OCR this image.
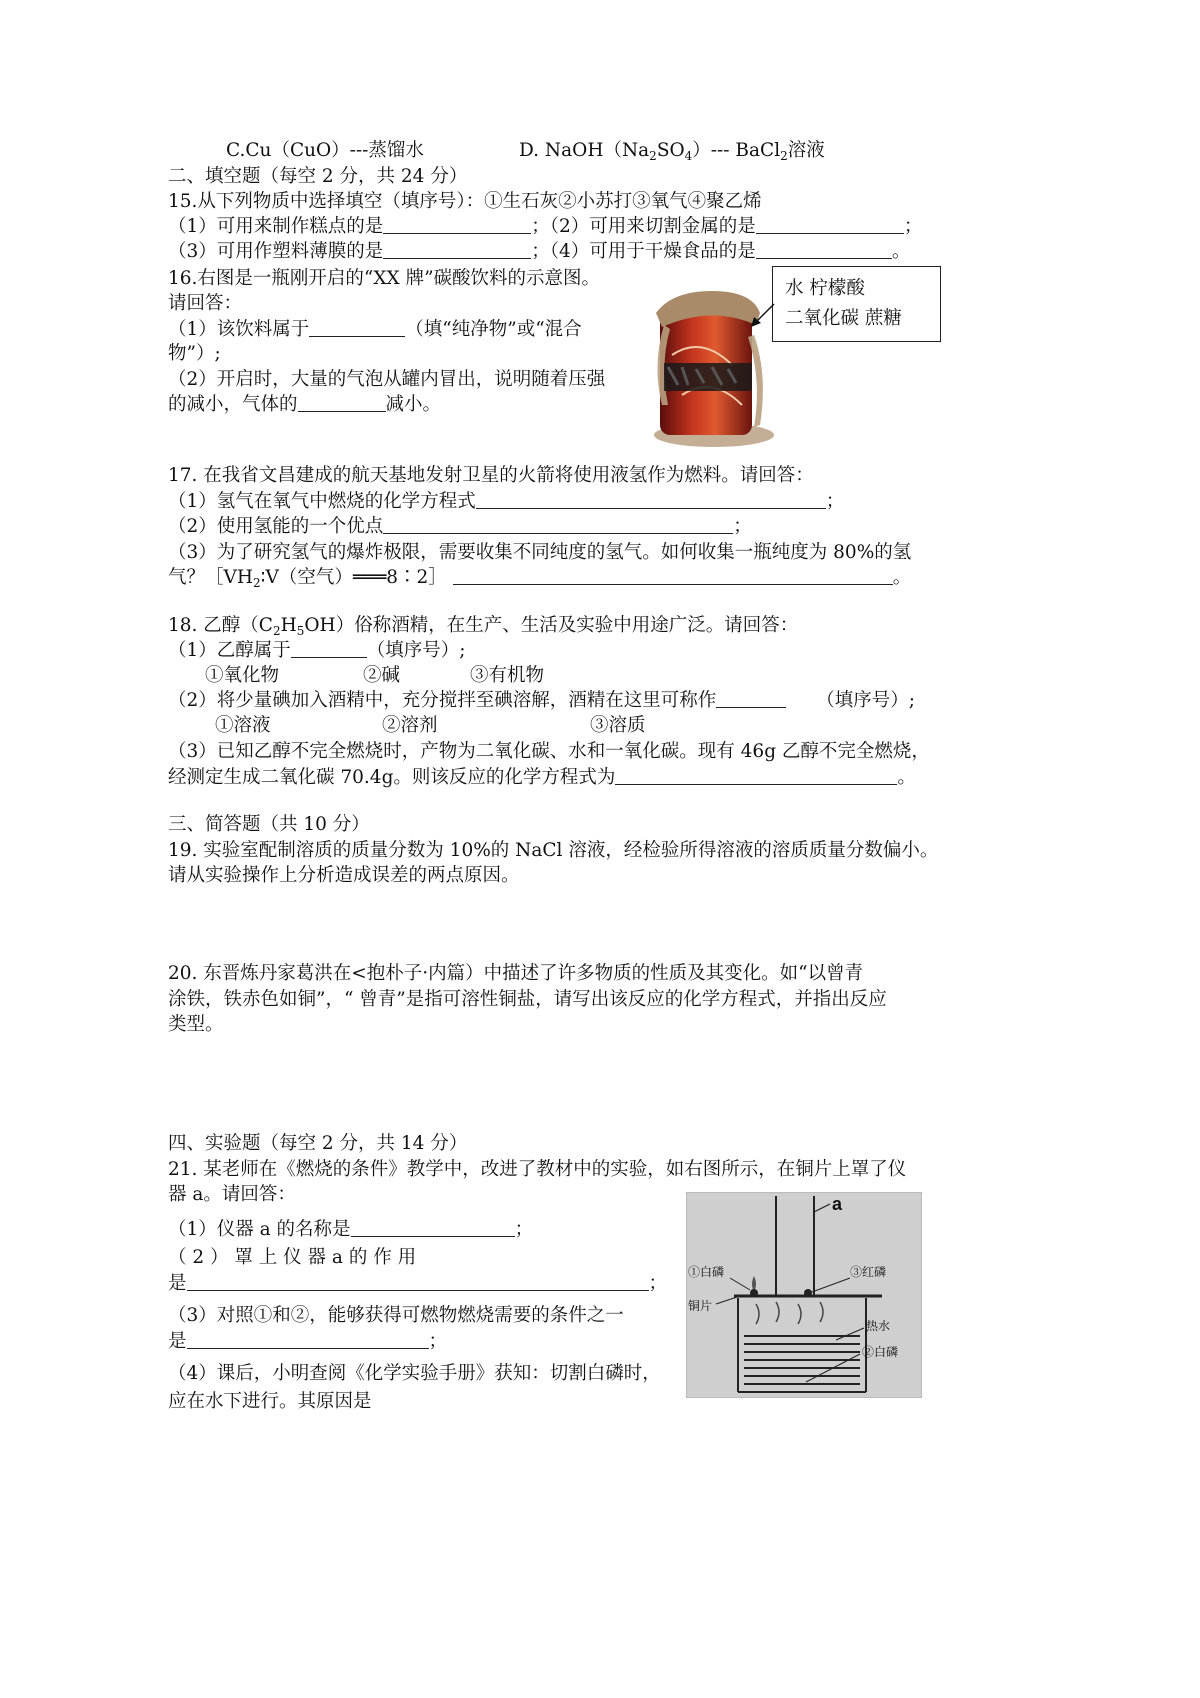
C.Cu（CuO）---蒸馏水	D. $NaOH(Na_2SO_4)---$ BaCl$_2$溶液
二、填空题（每空 2 分，共 24 分）
15.从下列物质中选择填空（填序号）：①生石灰②小苏打③氧气④聚乙烯
（1）可用来制作糕点的是	；（2）可用来切割金属的是	；
（3）可用作塑料薄膜的是	；（4）可用于干燥食品的是	。
16.右图是一瓶刚开启的“XX 牌”碳酸饮料的示意图。
请回答：
（1）该饮料属于	（填“纯净物”或“混合
物”）;
（2）开启时，大量的气泡从罐内冒出，说明随着压强
的减小，气体的	减小。
水 柠檬酸
二氧化碳 蔗糖
17. 在我省文昌建成的航天基地发射卫星的火箭将使用液氢作为燃料。请回答：
（1）氢气在氧气中燃烧的化学方程式	；
（2）使用氢能的一个优点	；
（3）为了研究氢气的爆炸极限，需要收集不同纯度的氢气。如何收集一瓶纯度为 80%的氢
气？$[VH_2∶V$（空气）═══8∶2］	。
18. 乙醇$(C_2H_5OH)$俗称酒精，在生产、生活及实验中用途广泛。请回答：
（1）乙醇属于	（填序号）;
①氧化物	②碱	③有机物
（2）将少量碘加入酒精中，充分搅拌至碘溶解，酒精在这里可称作	（填序号）;
①溶液	②溶剂	③溶质
（3）已知乙醇不完全燃烧时，产物为二氧化碳、水和一氧化碳。现有 46g 乙醇不完全燃烧，
经测定生成二氧化碳 70.4g。则该反应的化学方程式为	。
三、简答题（共 10 分）
19. 实验室配制溶质的质量分数为 10%的 NaCl 溶液，经检验所得溶液的溶质质量分数偏小。
请从实验操作上分析造成误差的两点原因。
20. 东晋炼丹家葛洪在<抱朴子·内篇）中描述了许多物质的性质及其变化。如“以曾青
涂铁，铁赤色如铜”，“ 曾青”是指可溶性铜盐，请写出该反应的化学方程式，并指出反应
类型。
四、实验题（每空 2 分，共 14 分）
21. 某老师在《燃烧的条件》教学中，改进了教材中的实验，如右图所示，在铜片上罩了仪
器 a。请回答：
（1）仪器 a 的名称是	；
（ 2 ） 罩 上 仪 器 a 的 作 用
是	；
（3）对照①和②，能够获得可燃物燃烧需要的条件之一
是	；
（4）课后，小明查阅《化学实验手册》获知：切割白磷时，
应在水下进行。其原因是
a
①白磷
铜片
③红磷
热水
②白磷
